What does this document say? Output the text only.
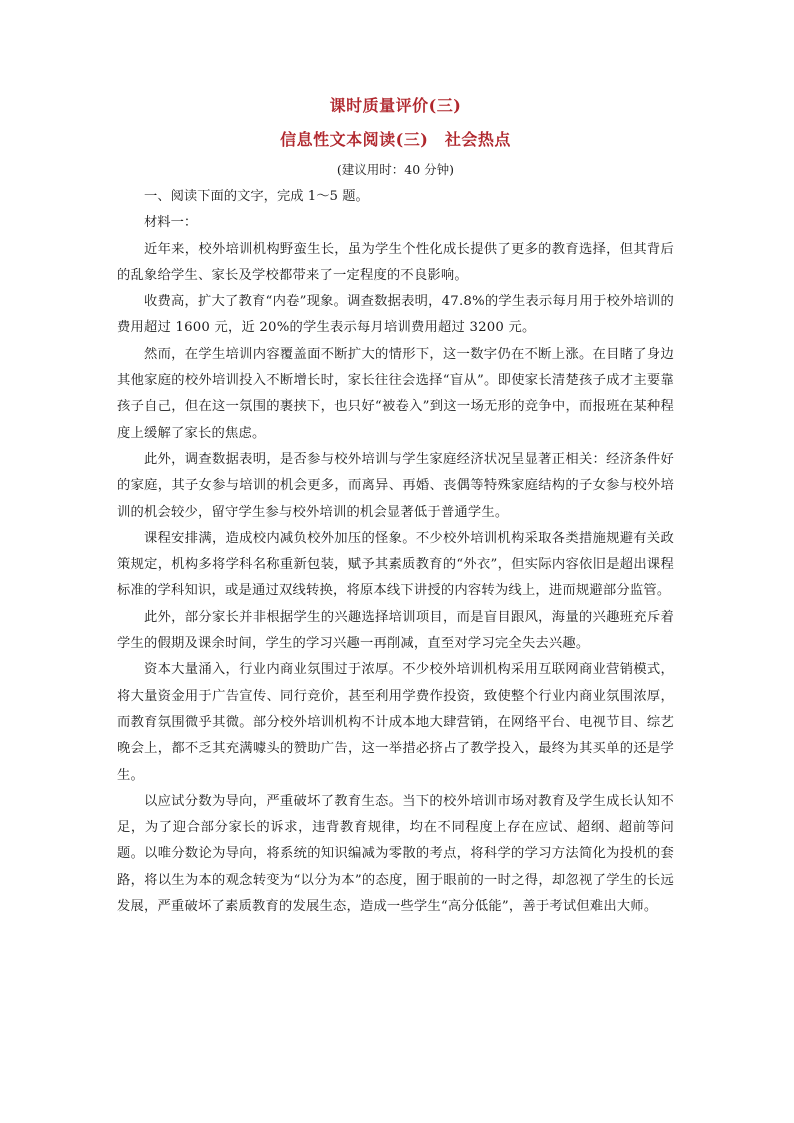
课时质量评价(三)
信息性文本阅读(三)　社会热点
(建议用时：40 分钟)

一、阅读下面的文字，完成 1～5 题。

材料一：

近年来，校外培训机构野蛮生长，虽为学生个性化成长提供了更多的教育选择，但其背后的乱象给学生、家长及学校都带来了一定程度的不良影响。

收费高，扩大了教育“内卷”现象。调查数据表明，47.8%的学生表示每月用于校外培训的费用超过 1600 元，近 20%的学生表示每月培训费用超过 3200 元。

然而，在学生培训内容覆盖面不断扩大的情形下，这一数字仍在不断上涨。在目睹了身边其他家庭的校外培训投入不断增长时，家长往往会选择“盲从”。即使家长清楚孩子成才主要靠孩子自己，但在这一氛围的裹挟下，也只好“被卷入”到这一场无形的竞争中，而报班在某种程度上缓解了家长的焦虑。

此外，调查数据表明，是否参与校外培训与学生家庭经济状况呈显著正相关：经济条件好的家庭，其子女参与培训的机会更多，而离异、再婚、丧偶等特殊家庭结构的子女参与校外培训的机会较少，留守学生参与校外培训的机会显著低于普通学生。

课程安排满，造成校内减负校外加压的怪象。不少校外培训机构采取各类措施规避有关政策规定，机构多将学科名称重新包装，赋予其素质教育的“外衣”，但实际内容依旧是超出课程标准的学科知识，或是通过双线转换，将原本线下讲授的内容转为线上，进而规避部分监管。

此外，部分家长并非根据学生的兴趣选择培训项目，而是盲目跟风，海量的兴趣班充斥着学生的假期及课余时间，学生的学习兴趣一再削减，直至对学习完全失去兴趣。

资本大量涌入，行业内商业氛围过于浓厚。不少校外培训机构采用互联网商业营销模式，将大量资金用于广告宣传、同行竞价，甚至利用学费作投资，致使整个行业内商业氛围浓厚，而教育氛围微乎其微。部分校外培训机构不计成本地大肆营销，在网络平台、电视节目、综艺晚会上，都不乏其充满噱头的赞助广告，这一举措必挤占了教学投入，最终为其买单的还是学生。

以应试分数为导向，严重破坏了教育生态。当下的校外培训市场对教育及学生成长认知不足，为了迎合部分家长的诉求，违背教育规律，均在不同程度上存在应试、超纲、超前等问题。以唯分数论为导向，将系统的知识编减为零散的考点，将科学的学习方法简化为投机的套路，将以生为本的观念转变为“以分为本”的态度，囿于眼前的一时之得，却忽视了学生的长远发展，严重破坏了素质教育的发展生态，造成一些学生“高分低能”，善于考试但难出大师。
